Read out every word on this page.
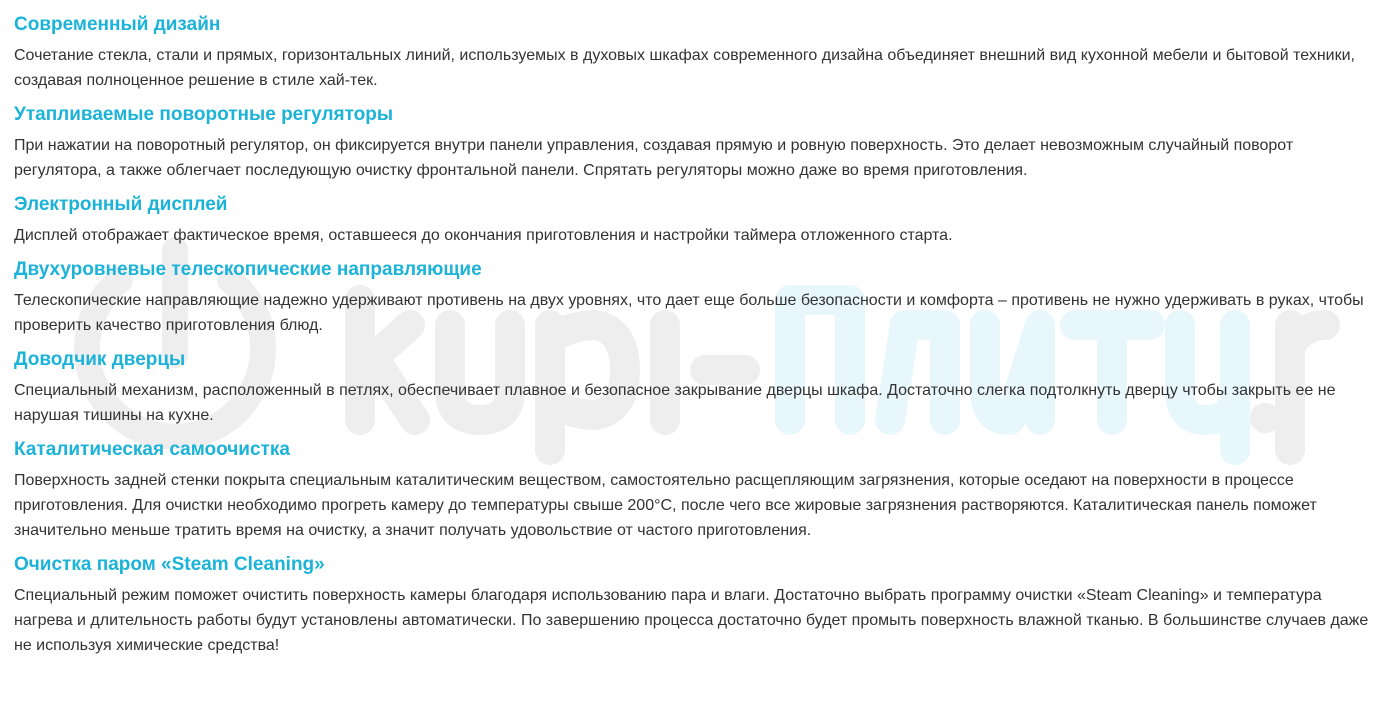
Современный дизайн

Сочетание стекла, стали и прямых, горизонтальных линий, используемых в духовых шкафах современного дизайна объединяет внешний вид кухонной мебели и бытовой техники, создавая полноценное решение в стиле хай-тек.

Утапливаемые поворотные регуляторы

При нажатии на поворотный регулятор, он фиксируется внутри панели управления, создавая прямую и ровную поверхность. Это делает невозможным случайный поворот регулятора, а также облегчает последующую очистку фронтальной панели. Спрятать регуляторы можно даже во время приготовления.

Электронный дисплей

Дисплей отображает фактическое время, оставшееся до окончания приготовления и настройки таймера отложенного старта.

Двухуровневые телескопические направляющие

Телескопические направляющие надежно удерживают противень на двух уровнях, что дает еще больше безопасности и комфорта – противень не нужно удерживать в руках, чтобы проверить качество приготовления блюд.

Доводчик дверцы

Специальный механизм, расположенный в петлях, обеспечивает плавное и безопасное закрывание дверцы шкафа. Достаточно слегка подтолкнуть дверцу чтобы закрыть ее не нарушая тишины на кухне.

Каталитическая самоочистка

Поверхность задней стенки покрыта специальным каталитическим веществом, самостоятельно расщепляющим загрязнения, которые оседают на поверхности в процессе приготовления. Для очистки необходимо прогреть камеру до температуры свыше 200°С, после чего все жировые загрязнения растворяются. Каталитическая панель поможет значительно меньше тратить время на очистку, а значит получать удовольствие от частого приготовления.

Очистка паром «Steam Cleaning»

Специальный режим поможет очистить поверхность камеры благодаря использованию пара и влаги. Достаточно выбрать программу очистки «Steam Cleaning» и температура нагрева и длительность работы будут установлены автоматически. По завершению процесса достаточно будет промыть поверхность влажной тканью. В большинстве случаев даже не используя химические средства!
